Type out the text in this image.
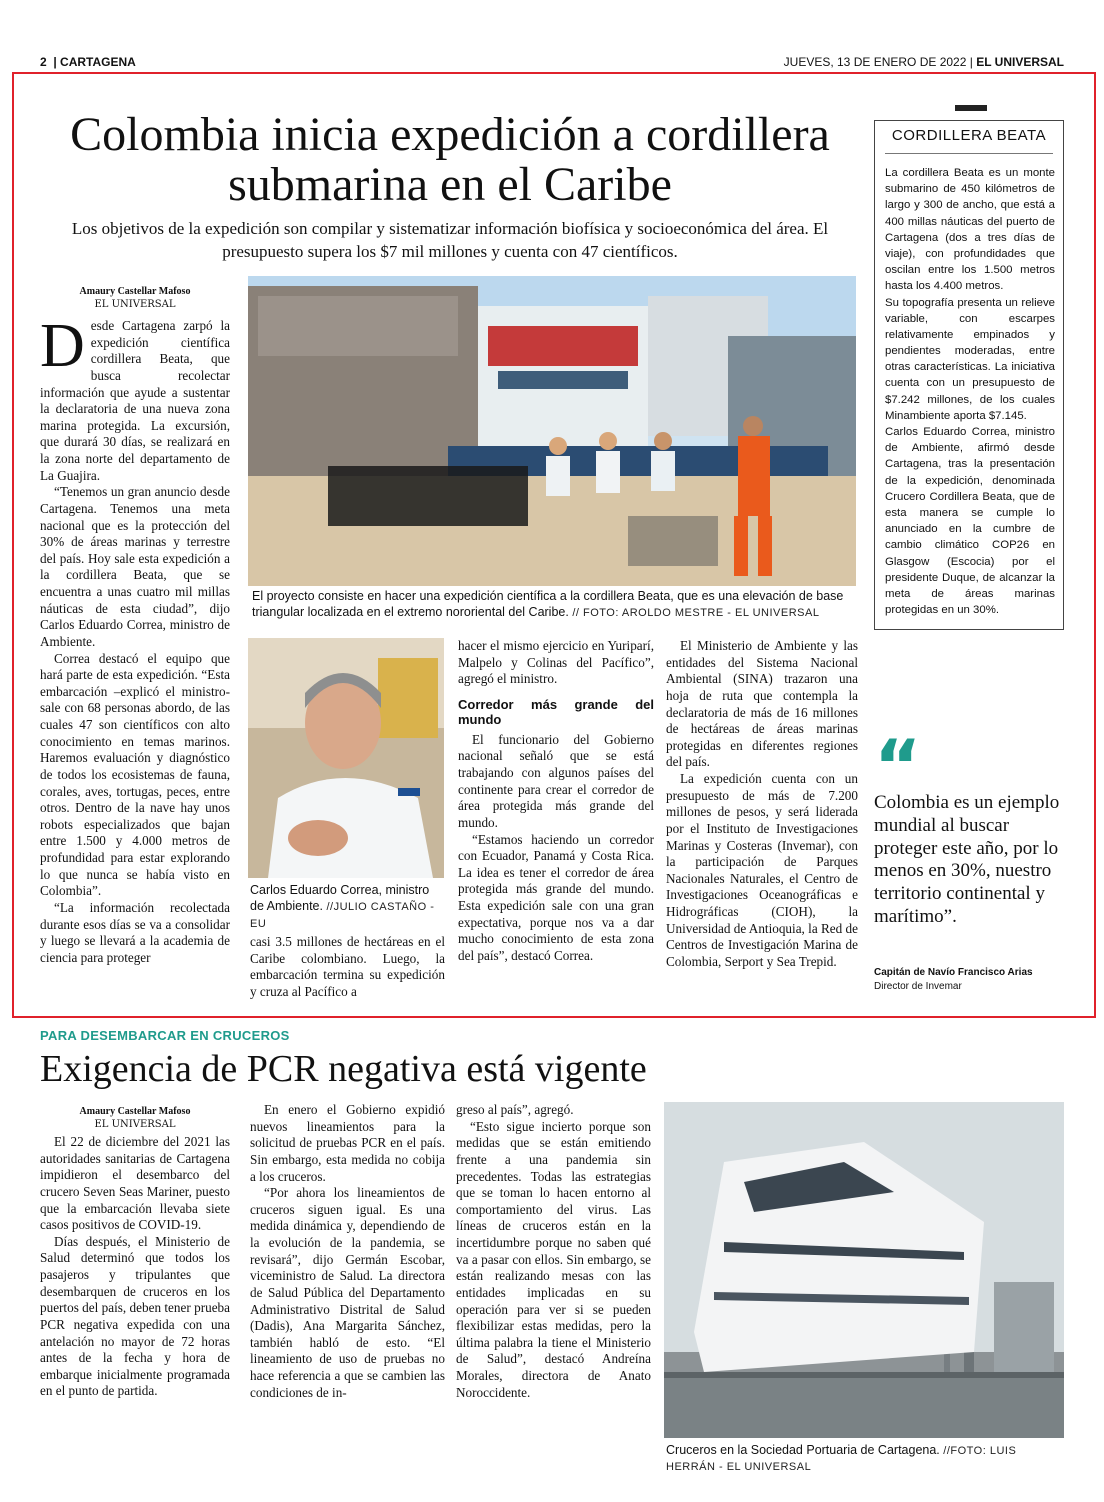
2  | CARTAGENA	JUEVES, 13 DE ENERO DE 2022 | EL UNIVERSAL
Colombia inicia expedición a cordillera submarina en el Caribe
Los objetivos de la expedición son compilar y sistematizar información biofísica y socioeconómica del área. El presupuesto supera los $7 mil millones y cuenta con 47 científicos.
Amaury Castellar Mafoso
EL UNIVERSAL
D esde Cartagena zarpó la expedición científica cordillera Beata, que busca recolectar información que ayude a sustentar la declaratoria de una nueva zona marina protegida. La excursión, que durará 30 días, se realizará en la zona norte del departamento de La Guajira.

“Tenemos un gran anuncio desde Cartagena. Tenemos una meta nacional que es la protección del 30% de áreas marinas y terrestre del país. Hoy sale esta expedición a la cordillera Beata, que se encuentra a unas cuatro mil millas náuticas de esta ciudad”, dijo Carlos Eduardo Correa, ministro de Ambiente.

Correa destacó el equipo que hará parte de esta expedición. “Esta embarcación –explicó el ministro- sale con 68 personas abordo, de las cuales 47 son científicos con alto conocimiento en temas marinos. Haremos evaluación y diagnóstico de todos los ecosistemas de fauna, corales, aves, tortugas, peces, entre otros. Dentro de la nave hay unos robots especializados que bajan entre 1.500 y 4.000 metros de profundidad para estar explorando lo que nunca se había visto en Colombia”.

“La información recolectada durante esos días se va a consolidar y luego se llevará a la academia de ciencia para proteger

El proyecto consiste en hacer una expedición científica a la cordillera Beata, que es una elevación de base triangular localizada en el extremo nororiental del Caribe. // FOTO: AROLDO MESTRE - EL UNIVERSAL
Carlos Eduardo Correa, ministro de Ambiente. //JULIO CASTAÑO - EU

casi 3.5 millones de hectáreas en el Caribe colombiano. Luego, la embarcación termina su expedición y cruza al Pacífico a

hacer el mismo ejercicio en Yuriparí, Malpelo y Colinas del Pacífico”, agregó el ministro.

Corredor más grande del mundo

El funcionario del Gobierno nacional señaló que se está trabajando con algunos países del continente para crear el corredor de área protegida más grande del mundo.

“Estamos haciendo un corredor con Ecuador, Panamá y Costa Rica. La idea es tener el corredor de área protegida más grande del mundo. Esta expedición sale con una gran expectativa, porque nos va a dar mucho conocimiento de esta zona del país”, destacó Correa.

El Ministerio de Ambiente y las entidades del Sistema Nacional Ambiental (SINA) trazaron una hoja de ruta que contempla la declaratoria de más de 16 millones de hectáreas de áreas marinas protegidas en diferentes regiones del país.

La expedición cuenta con un presupuesto de más de 7.200 millones de pesos, y será liderada por el Instituto de Investigaciones Marinas y Costeras (Invemar), con la participación de Parques Nacionales Naturales, el Centro de Investigaciones Oceanográficas e Hidrográficas (CIOH), la Universidad de Antioquia, la Red de Centros de Investigación Marina de Colombia, Serport y Sea Trepid.

CORDILLERA BEATA

La cordillera Beata es un monte submarino de 450 kilómetros de largo y 300 de ancho, que está a 400 millas náuticas del puerto de Cartagena (dos a tres días de viaje), con profundidades que oscilan entre los 1.500 metros hasta los 4.400 metros.

Su topografía presenta un relieve variable, con escarpes relativamente empinados y pendientes moderadas, entre otras características. La iniciativa cuenta con un presupuesto de $7.242 millones, de los cuales Minambiente aporta $7.145.

Carlos Eduardo Correa, ministro de Ambiente, afirmó desde Cartagena, tras la presentación de la expedición, denominada Crucero Cordillera Beata, que de esta manera se cumple lo anunciado en la cumbre de cambio climático COP26 en Glasgow (Escocia) por el presidente Duque, de alcanzar la meta de áreas marinas protegidas en un 30%.

“
Colombia es un ejemplo mundial al buscar proteger este año, por lo menos en 30%, nuestro territorio continental y marítimo”.
Capitán de Navío Francisco Arias
Director de Invemar
PARA DESEMBARCAR EN CRUCEROS
Exigencia de PCR negativa está vigente
Amaury Castellar Mafoso
EL UNIVERSAL

El 22 de diciembre del 2021 las autoridades sanitarias de Cartagena impidieron el desembarco del crucero Seven Seas Mariner, puesto que la embarcación llevaba siete casos positivos de COVID-19.

Días después, el Ministerio de Salud determinó que todos los pasajeros y tripulantes que desembarquen de cruceros en los puertos del país, deben tener prueba PCR negativa expedida con una antelación no mayor de 72 horas antes de la fecha y hora de embarque inicialmente programada en el punto de partida.

En enero el Gobierno expidió nuevos lineamientos para la solicitud de pruebas PCR en el país. Sin embargo, esta medida no cobija a los cruceros.

“Por ahora los lineamientos de cruceros siguen igual. Es una medida dinámica y, dependiendo de la evolución de la pandemia, se revisará”, dijo Germán Escobar, viceministro de Salud. La directora de Salud Pública del Departamento Administrativo Distrital de Salud (Dadis), Ana Margarita Sánchez, también habló de esto. “El lineamiento de uso de pruebas no hace referencia a que se cambien las condiciones de in-

greso al país”, agregó.

“Esto sigue incierto porque son medidas que se están emitiendo frente a una pandemia sin precedentes. Todas las estrategias que se toman lo hacen entorno al comportamiento del virus. Las líneas de cruceros están en la incertidumbre porque no saben qué va a pasar con ellos. Sin embargo, se están realizando mesas con las entidades implicadas en su operación para ver si se pueden flexibilizar estas medidas, pero la última palabra la tiene el Ministerio de Salud”, destacó Andreína Morales, directora de Anato Noroccidente.

Cruceros en la Sociedad Portuaria de Cartagena. //FOTO: LUIS HERRÁN - EL UNIVERSAL
